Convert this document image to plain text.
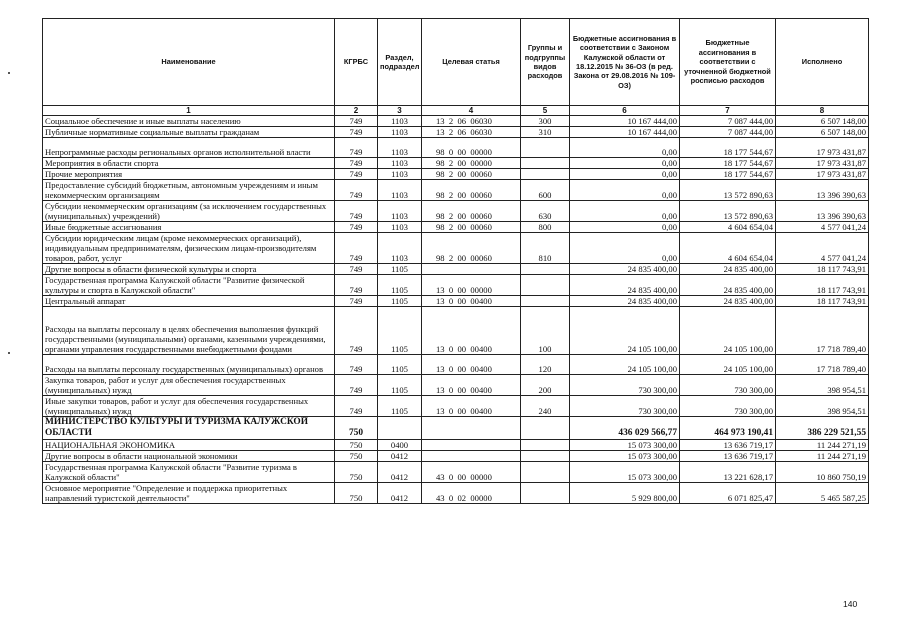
Наименование	КГРБС	Раздел, подраздел	Целевая статья	Группы и подгруппы видов расходов	Бюджетные ассигнования в соответствии с Законом Калужской области от 18.12.2015 № 36-ОЗ (в ред. Закона от 29.08.2016 № 109-ОЗ)	Бюджетные ассигнования в соответствии с уточненной бюджетной росписью расходов	Исполнено
1	2	3	4	5	6	7	8
Социальное обеспечение и иные выплаты населению	749	1103	13  2  06  06030	300	10 167 444,00	7 087 444,00	6 507 148,00
Публичные нормативные социальные выплаты гражданам	749	1103	13  2  06  06030	310	10 167 444,00	7 087 444,00	6 507 148,00
Непрограммные расходы региональных органов исполнительной власти	749	1103	98  0  00  00000		0,00	18 177 544,67	17 973 431,87
Мероприятия в области спорта	749	1103	98  2  00  00000		0,00	18 177 544,67	17 973 431,87
Прочие мероприятия	749	1103	98  2  00  00060		0,00	18 177 544,67	17 973 431,87
Предоставление субсидий бюджетным, автономным учреждениям и иным некоммерческим организациям	749	1103	98  2  00  00060	600	0,00	13 572 890,63	13 396 390,63
Субсидии некоммерческим организациям (за исключением государственных (муниципальных) учреждений)	749	1103	98  2  00  00060	630	0,00	13 572 890,63	13 396 390,63
Иные бюджетные ассигнования	749	1103	98  2  00  00060	800	0,00	4 604 654,04	4 577 041,24
Субсидии юридическим лицам (кроме некоммерческих организаций), индивидуальным предпринимателям, физическим лицам-производителям товаров, работ, услуг	749	1103	98  2  00  00060	810	0,00	4 604 654,04	4 577 041,24
Другие вопросы в области физической культуры и спорта	749	1105			24 835 400,00	24 835 400,00	18 117 743,91
Государственная программа Калужской области "Развитие физической культуры и спорта в Калужской области"	749	1105	13  0  00  00000		24 835 400,00	24 835 400,00	18 117 743,91
Центральный аппарат	749	1105	13  0  00  00400		24 835 400,00	24 835 400,00	18 117 743,91
Расходы на выплаты персоналу в целях обеспечения выполнения функций государственными (муниципальными) органами, казенными учреждениями, органами управления государственными внебюджетными фондами	749	1105	13  0  00  00400	100	24 105 100,00	24 105 100,00	17 718 789,40
Расходы на выплаты персоналу государственных (муниципальных) органов	749	1105	13  0  00  00400	120	24 105 100,00	24 105 100,00	17 718 789,40
Закупка товаров, работ и услуг для обеспечения государственных (муниципальных) нужд	749	1105	13  0  00  00400	200	730 300,00	730 300,00	398 954,51
Иные закупки товаров, работ и услуг для обеспечения государственных (муниципальных) нужд	749	1105	13  0  00  00400	240	730 300,00	730 300,00	398 954,51
МИНИСТЕРСТВО КУЛЬТУРЫ И ТУРИЗМА КАЛУЖСКОЙ ОБЛАСТИ	750				436 029 566,77	464 973 190,41	386 229 521,55
НАЦИОНАЛЬНАЯ ЭКОНОМИКА	750	0400			15 073 300,00	13 636 719,17	11 244 271,19
Другие вопросы в области национальной экономики	750	0412			15 073 300,00	13 636 719,17	11 244 271,19
Государственная программа Калужской области "Развитие туризма в Калужской области"	750	0412	43  0  00  00000		15 073 300,00	13 221 628,17	10 860 750,19
Основное мероприятие "Определение и поддержка приоритетных направлений туристской деятельности"	750	0412	43  0  02  00000		5 929 800,00	6 071 825,47	5 465 587,25
140
